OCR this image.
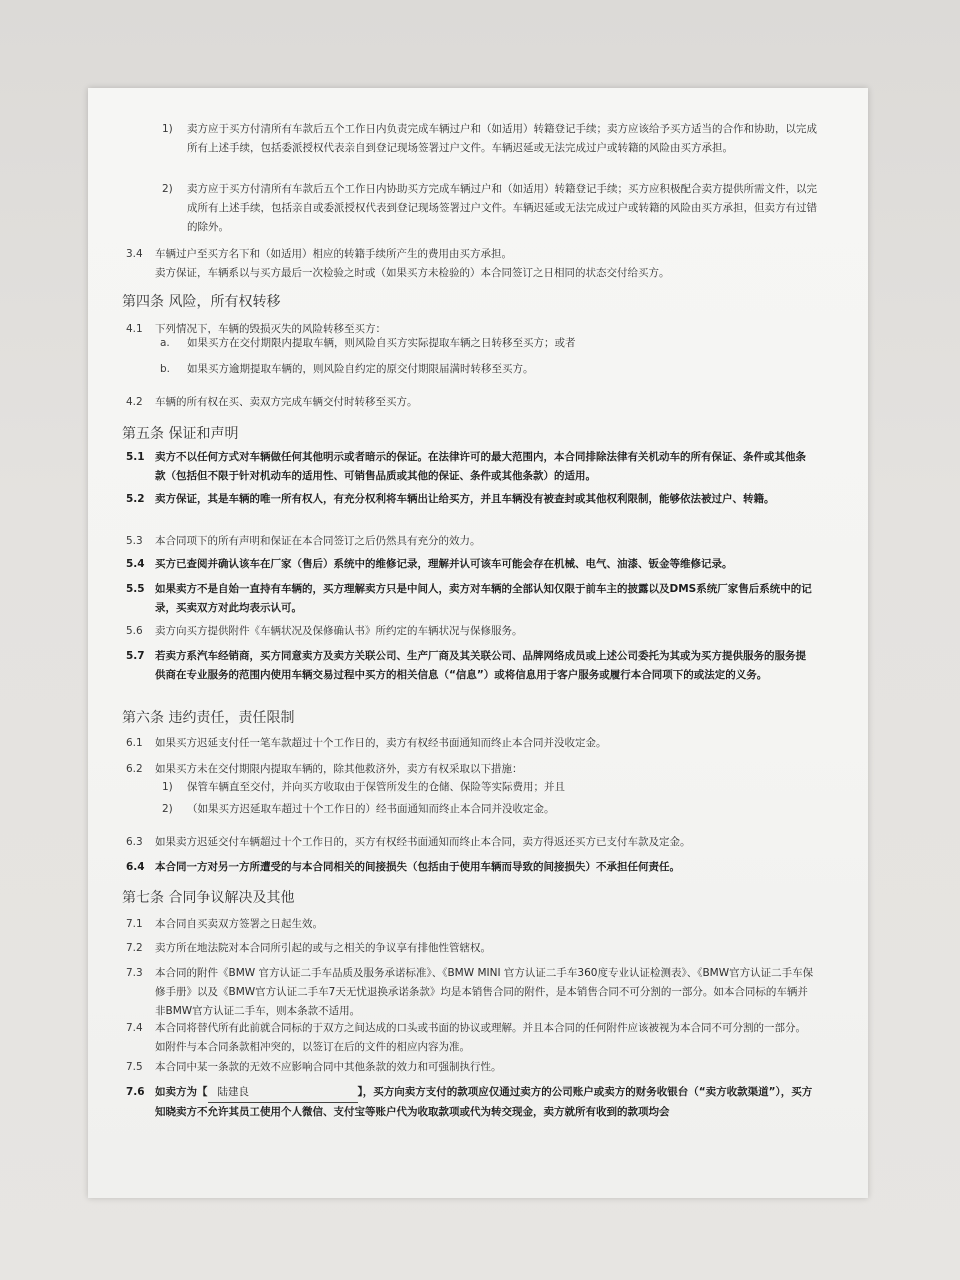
1) 卖方应于买方付清所有车款后五个工作日内负责完成车辆过户和（如适用）转籍登记手续；卖方应该给予买方适当的合作和协助，以完成所有上述手续，包括委派授权代表亲自到登记现场签署过户文件。车辆迟延或无法完成过户或转籍的风险由买方承担。
2) 卖方应于买方付清所有车款后五个工作日内协助买方完成车辆过户和（如适用）转籍登记手续；买方应积极配合卖方提供所需文件，以完成所有上述手续，包括亲自或委派授权代表到登记现场签署过户文件。车辆迟延或无法完成过户或转籍的风险由买方承担，但卖方有过错的除外。
3.4 车辆过户至买方名下和（如适用）相应的转籍手续所产生的费用由买方承担。
卖方保证，车辆系以与买方最后一次检验之时或（如果买方未检验的）本合同签订之日相同的状态交付给买方。
第四条 风险，所有权转移
4.1 下列情况下，车辆的毁损灭失的风险转移至买方：
a. 如果买方在交付期限内提取车辆，则风险自买方实际提取车辆之日转移至买方；或者
b. 如果买方逾期提取车辆的，则风险自约定的原交付期限届满时转移至买方。
4.2 车辆的所有权在买、卖双方完成车辆交付时转移至买方。
第五条 保证和声明
5.1 卖方不以任何方式对车辆做任何其他明示或者暗示的保证。在法律许可的最大范围内，本合同排除法律有关机动车的所有保证、条件或其他条款（包括但不限于针对机动车的适用性、可销售品质或其他的保证、条件或其他条款）的适用。
5.2 卖方保证，其是车辆的唯一所有权人，有充分权利将车辆出让给买方，并且车辆没有被查封或其他权利限制，能够依法被过户、转籍。
5.3 本合同项下的所有声明和保证在本合同签订之后仍然具有充分的效力。
5.4 买方已查阅并确认该车在厂家（售后）系统中的维修记录，理解并认可该车可能会存在机械、电气、油漆、钣金等维修记录。
5.5 如果卖方不是自始一直持有车辆的，买方理解卖方只是中间人，卖方对车辆的全部认知仅限于前车主的披露以及DMS系统厂家售后系统中的记录，买卖双方对此均表示认可。
5.6 卖方向买方提供附件《车辆状况及保修确认书》所约定的车辆状况与保修服务。
5.7 若卖方系汽车经销商，买方同意卖方及卖方关联公司、生产厂商及其关联公司、品牌网络成员或上述公司委托为其或为买方提供服务的服务提供商在专业服务的范围内使用车辆交易过程中买方的相关信息（“信息”）或将信息用于客户服务或履行本合同项下的或法定的义务。
第六条 违约责任，责任限制
6.1 如果买方迟延支付任一笔车款超过十个工作日的，卖方有权经书面通知而终止本合同并没收定金。
6.2 如果买方未在交付期限内提取车辆的，除其他救济外，卖方有权采取以下措施：
1) 保管车辆直至交付，并向买方收取由于保管所发生的仓储、保险等实际费用；并且
2) （如果买方迟延取车超过十个工作日的）经书面通知而终止本合同并没收定金。
6.3 如果卖方迟延交付车辆超过十个工作日的，买方有权经书面通知而终止本合同，卖方得返还买方已支付车款及定金。
6.4 本合同一方对另一方所遭受的与本合同相关的间接损失（包括由于使用车辆而导致的间接损失）不承担任何责任。
第七条 合同争议解决及其他
7.1 本合同自买卖双方签署之日起生效。
7.2 卖方所在地法院对本合同所引起的或与之相关的争议享有排他性管辖权。
7.3 本合同的附件《BMW 官方认证二手车品质及服务承诺标准》、《BMW MINI 官方认证二手车360度专业认证检测表》、《BMW官方认证二手车保修手册》以及《BMW官方认证二手车7天无忧退换承诺条款》均是本销售合同的附件，是本销售合同不可分割的一部分。如本合同标的车辆并非BMW官方认证二手车，则本条款不适用。
7.4 本合同将替代所有此前就合同标的于双方之间达成的口头或书面的协议或理解。并且本合同的任何附件应该被视为本合同不可分割的一部分。如附件与本合同条款相冲突的，以签订在后的文件的相应内容为准。
7.5 本合同中某一条款的无效不应影响合同中其他条款的效力和可强制执行性。
7.6 如卖方为【 陆建良	】，买方向卖方支付的款项应仅通过卖方的公司账户或卖方的财务收银台（“卖方收款渠道”），买方知晓卖方不允许其员工使用个人微信、支付宝等账户代为收取款项或代为转交现金，卖方就所有收到的款项均会
